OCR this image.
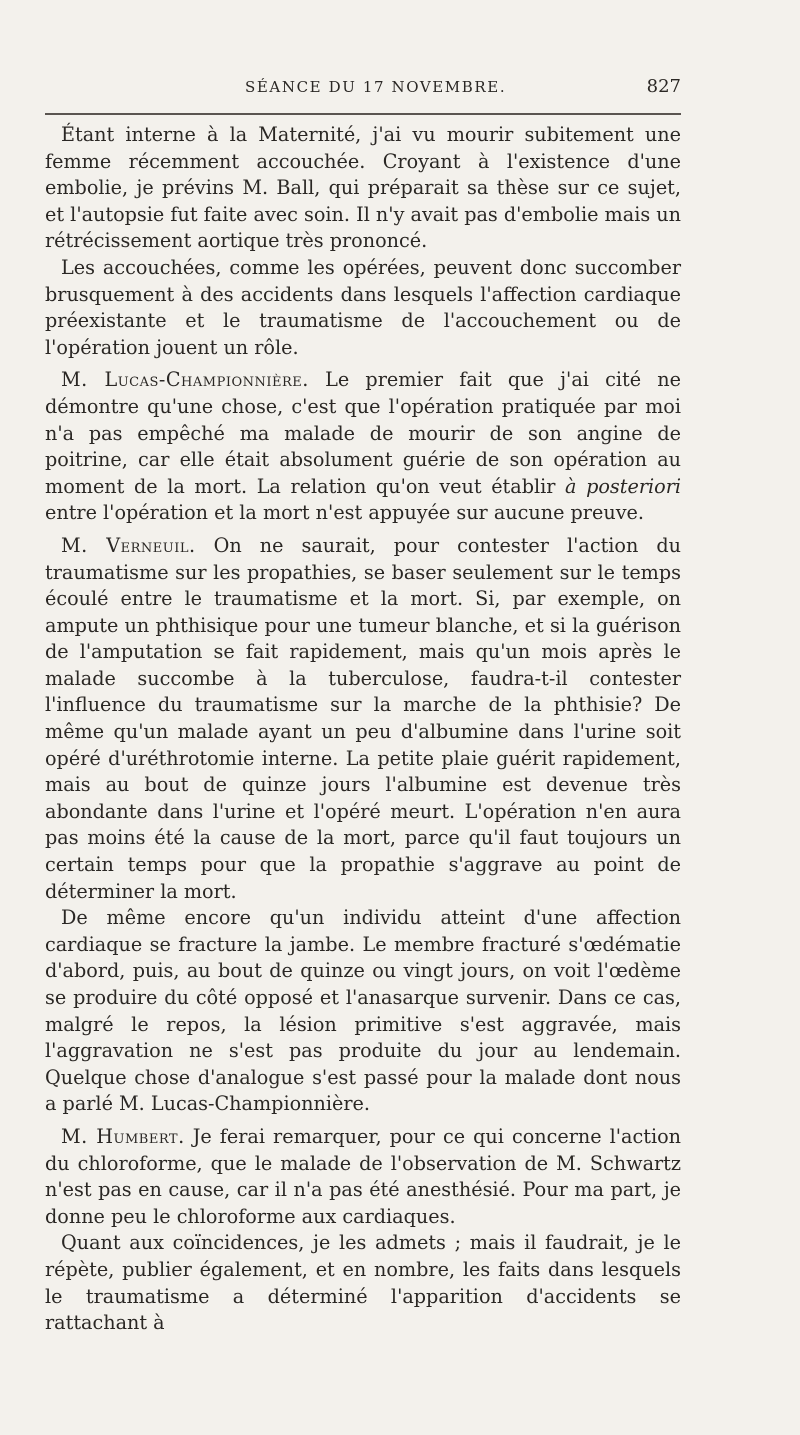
SÉANCE DU 17 NOVEMBRE.	827

Étant interne à la Maternité, j'ai vu mourir subitement une femme récemment accouchée. Croyant à l'existence d'une embolie, je prévins M. Ball, qui préparait sa thèse sur ce sujet, et l'autopsie fut faite avec soin. Il n'y avait pas d'embolie mais un rétrécissement aortique très prononcé.

Les accouchées, comme les opérées, peuvent donc succomber brusquement à des accidents dans lesquels l'affection cardiaque préexistante et le traumatisme de l'accouchement ou de l'opération jouent un rôle.

M. Lucas-Championnière. Le premier fait que j'ai cité ne démontre qu'une chose, c'est que l'opération pratiquée par moi n'a pas empêché ma malade de mourir de son angine de poitrine, car elle était absolument guérie de son opération au moment de la mort. La relation qu'on veut établir à posteriori entre l'opération et la mort n'est appuyée sur aucune preuve.

M. Verneuil. On ne saurait, pour contester l'action du traumatisme sur les propathies, se baser seulement sur le temps écoulé entre le traumatisme et la mort. Si, par exemple, on ampute un phthisique pour une tumeur blanche, et si la guérison de l'amputation se fait rapidement, mais qu'un mois après le malade succombe à la tuberculose, faudra-t-il contester l'influence du traumatisme sur la marche de la phthisie? De même qu'un malade ayant un peu d'albumine dans l'urine soit opéré d'uréthrotomie interne. La petite plaie guérit rapidement, mais au bout de quinze jours l'albumine est devenue très abondante dans l'urine et l'opéré meurt. L'opération n'en aura pas moins été la cause de la mort, parce qu'il faut toujours un certain temps pour que la propathie s'aggrave au point de déterminer la mort.

De même encore qu'un individu atteint d'une affection cardiaque se fracture la jambe. Le membre fracturé s'œdématie d'abord, puis, au bout de quinze ou vingt jours, on voit l'œdème se produire du côté opposé et l'anasarque survenir. Dans ce cas, malgré le repos, la lésion primitive s'est aggravée, mais l'aggravation ne s'est pas produite du jour au lendemain. Quelque chose d'analogue s'est passé pour la malade dont nous a parlé M. Lucas-Championnière.

M. Humbert. Je ferai remarquer, pour ce qui concerne l'action du chloroforme, que le malade de l'observation de M. Schwartz n'est pas en cause, car il n'a pas été anesthésié. Pour ma part, je donne peu le chloroforme aux cardiaques.

Quant aux coïncidences, je les admets ; mais il faudrait, je le répète, publier également, et en nombre, les faits dans lesquels le traumatisme a déterminé l'apparition d'accidents se rattachant à
